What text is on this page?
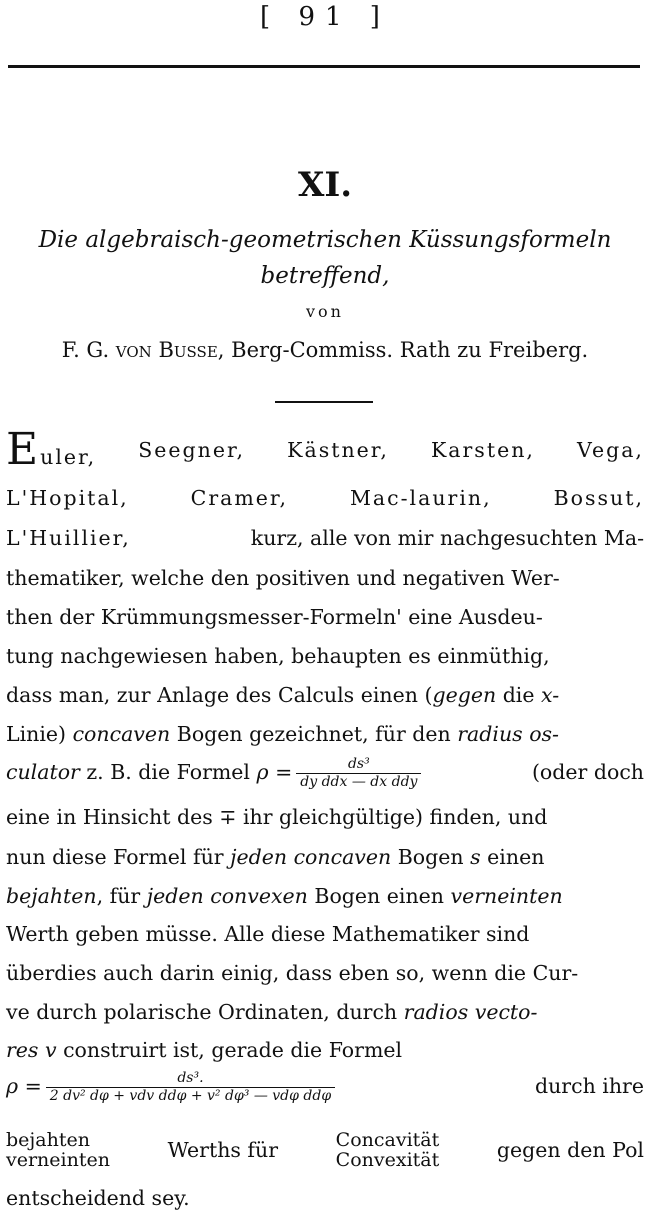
[ 91 ]
XI.
Die algebraisch-geometrischen Küssungsformeln
betreffend,
von
F. G. von Busse, Berg-Commiss. Rath zu Freiberg.
Euler, Seegner, Kästner, Karsten, Vega,
L'Hopital,	Cramer,	Mac-laurin,	Bossut,
L'Huillier,	kurz, alle von mir nachgesuchten Ma-
thematiker, welche den positiven und negativen Wer-
then der Krümmungsmesser-Formeln' eine Ausdeu-
tung nachgewiesen haben, behaupten es einmüthig,
dass man, zur Anlage des Calculs einen (gegen die x-
Linie) concaven Bogen gezeichnet, für den radius os-
culator z. B. die Formel $\rho = \frac{\text{ds³}}{\text{dy ddx — dx ddy}}$	(oder doch
eine in Hinsicht des ∓ ihr gleichgültige) finden, und
nun diese Formel für jeden concaven Bogen s einen
bejahten, für jeden convexen Bogen einen verneinten
Werth geben müsse. Alle diese Mathematiker sind
überdies auch darin einig, dass eben so, wenn die Cur-
ve durch polarische Ordinaten, durch radios vecto-
res v construirt ist, gerade die Formel
$\rho = \frac{\text{ds³.}}{\text{2 dv² dφ + vdv ddφ + v² dφ³ — vdφ ddφ}}$	durch ihre
bejahten
verneinten	Werths für	Concavität
Convexität	gegen den Pol
entscheidend sey.
